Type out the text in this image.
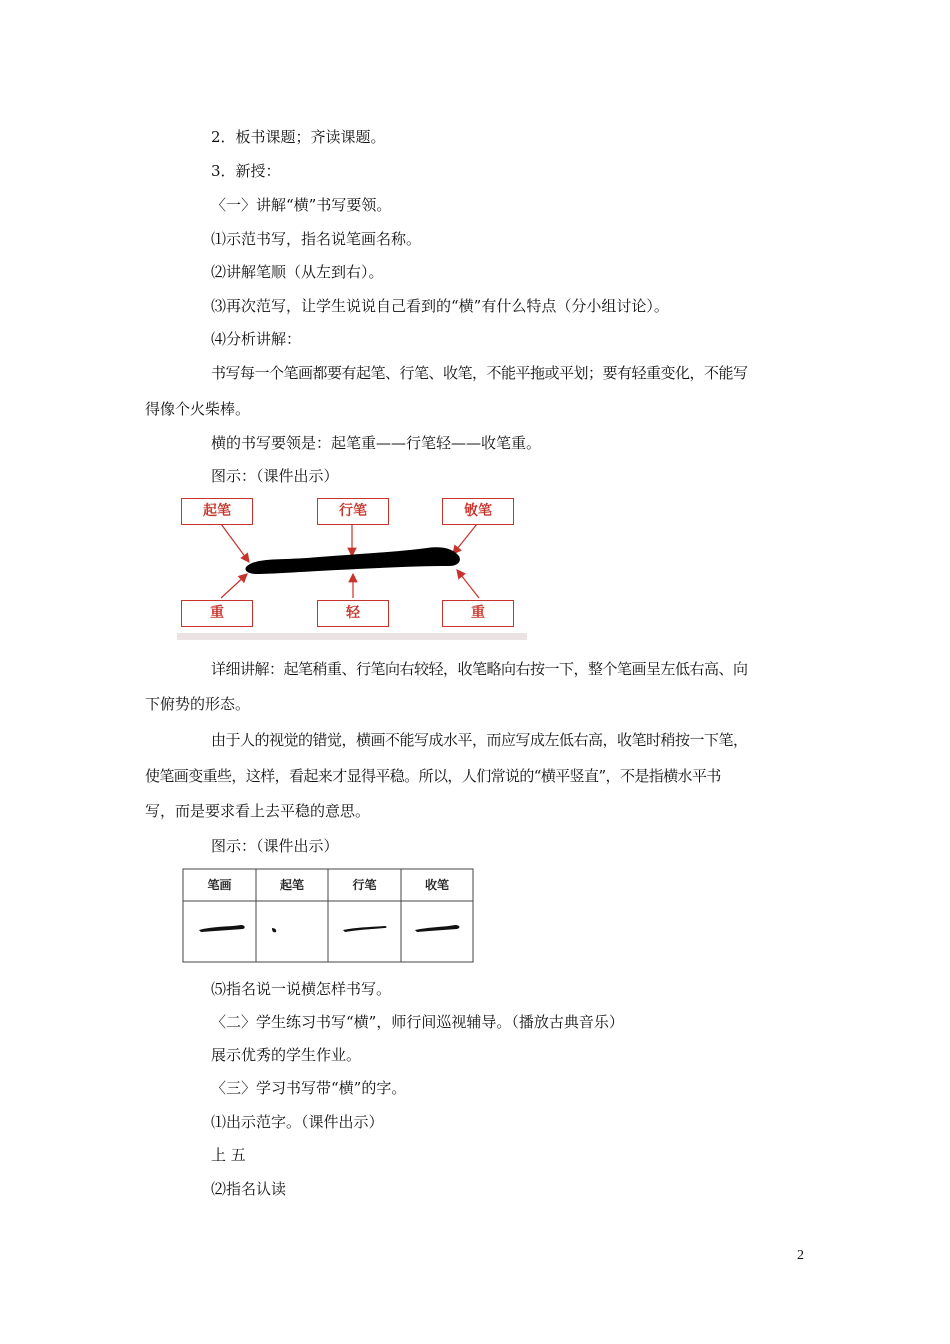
2．板书课题；齐读课题。
3．新授：
〈一〉讲解“横”书写要领。
⑴示范书写，指名说笔画名称。
⑵讲解笔顺（从左到右）。
⑶再次范写，让学生说说自己看到的“横”有什么特点（分小组讨论）。
⑷分析讲解：
书写每一个笔画都要有起笔、行笔、收笔，不能平拖或平划；要有轻重变化，不能写
得像个火柴棒。
横的书写要领是：起笔重——行笔轻——收笔重。
图示：（课件出示）
起笔	行笔	敂笔
重	轻	重
详细讲解：起笔稍重、行笔向右较轻，收笔略向右按一下，整个笔画呈左低右高、向
下俯势的形态。
由于人的视觉的错觉，横画不能写成水平，而应写成左低右高，收笔时稍按一下笔，
使笔画变重些，这样，看起来才显得平稳。所以，人们常说的“横平竖直”，不是指横水平书
写，而是要求看上去平稳的意思。
图示：（课件出示）
笔画	起笔	行笔	收笔
⑸指名说一说横怎样书写。
〈二〉学生练习书写“横”，师行间巡视辅导。（播放古典音乐）
展示优秀的学生作业。
〈三〉学习书写带“横”的字。
⑴出示范字。（课件出示）
上 五
⑵指名认读
2
